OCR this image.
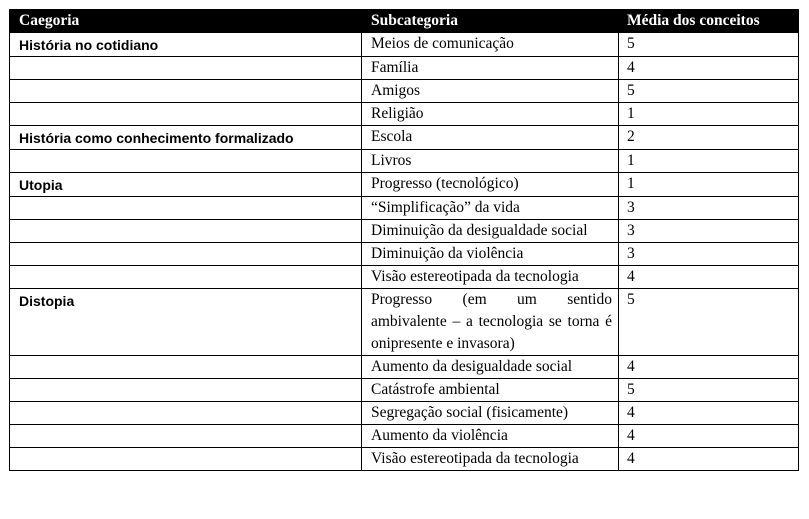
Caegoria	Subcategoria	Média dos conceitos
História no cotidiano	Meios de comunicação	5
	Família	4
	Amigos	5
	Religião	1
História como conhecimento formalizado	Escola	2
	Livros	1
Utopia	Progresso (tecnológico)	1
	“Simplificação” da vida	3
	Diminuição da desigualdade social	3
	Diminuição da violência	3
	Visão estereotipada da tecnologia	4
Distopia	Progresso (em um sentido ambivalente – a tecnologia se torna é onipresente e invasora)	5
	Aumento da desigualdade social	4
	Catástrofe ambiental	5
	Segregação social (fisicamente)	4
	Aumento da violência	4
	Visão estereotipada da tecnologia	4
